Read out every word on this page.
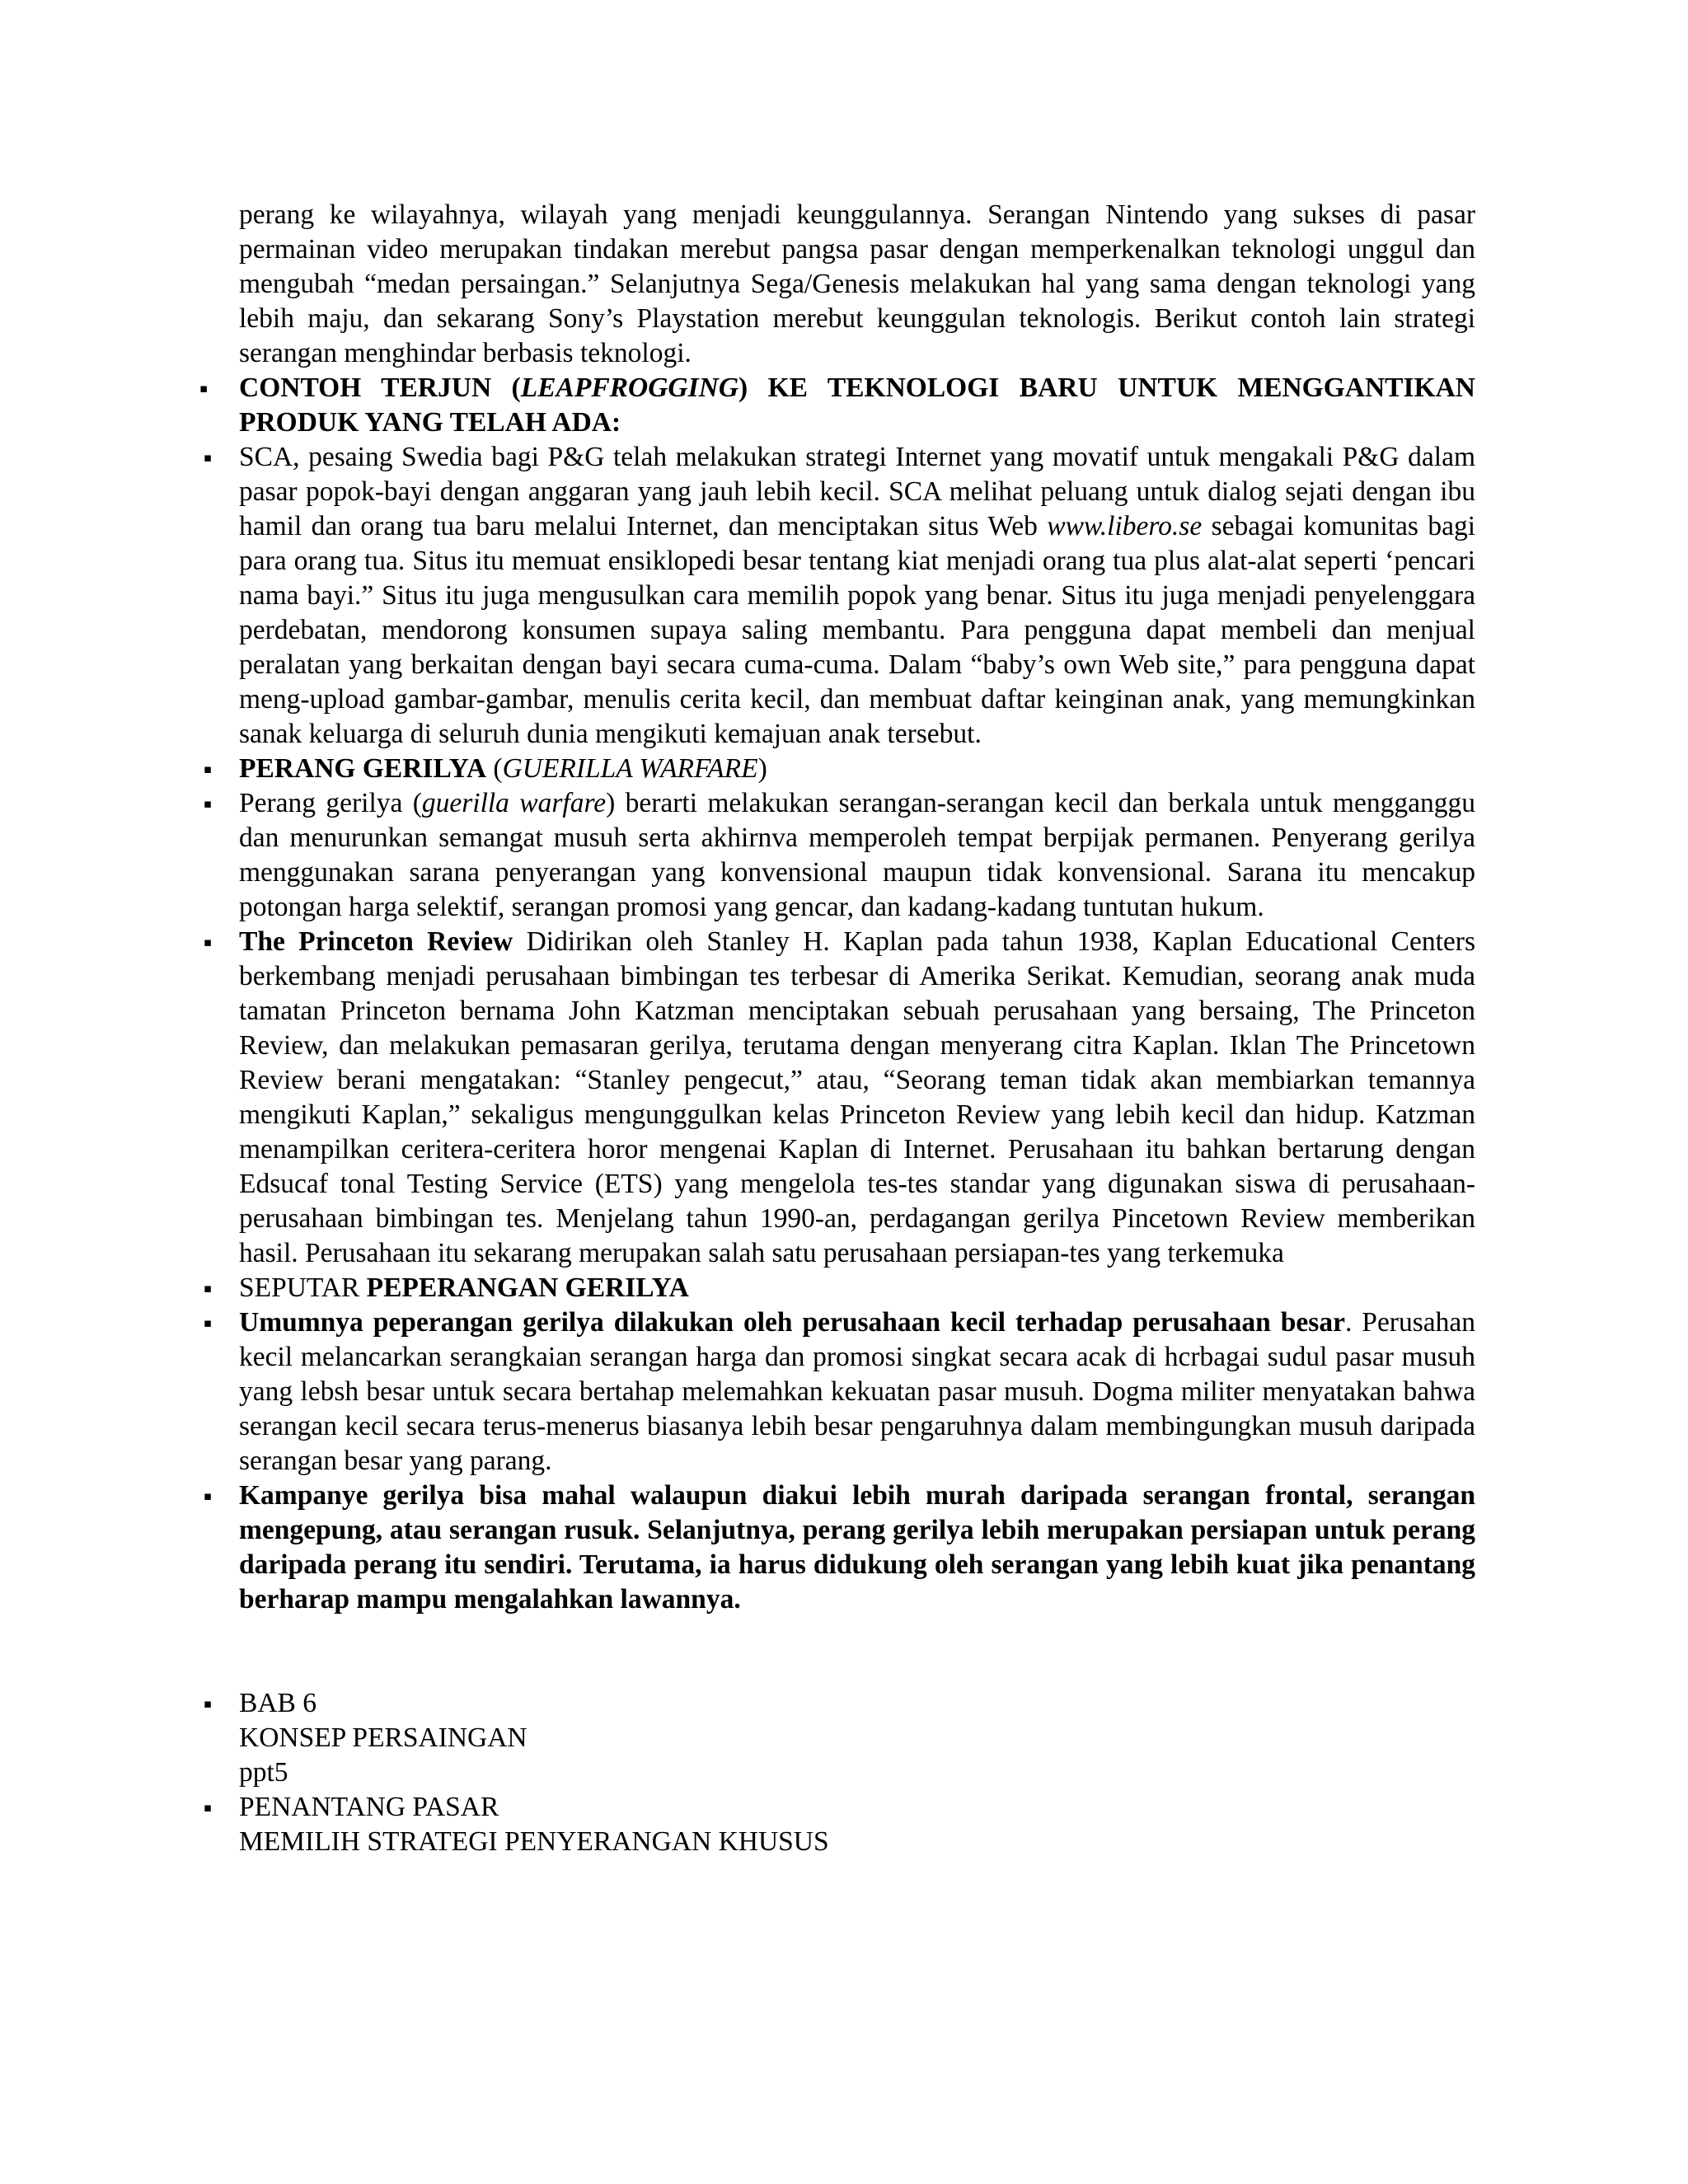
perang ke wilayahnya, wilayah yang menjadi keunggulannya. Serangan Nintendo yang sukses di pasar permainan video merupakan tindakan merebut pangsa pasar dengan memperkenalkan teknologi unggul dan mengubah “medan persaingan.” Selanjutnya Sega/Genesis melakukan hal yang sama dengan teknologi yang lebih maju, dan sekarang Sony’s Playstation merebut keunggulan teknologis. Berikut contoh lain strategi serangan menghindar berbasis teknologi.

▪ CONTOH TERJUN (LEAPFROGGING) KE TEKNOLOGI BARU UNTUK MENGGANTIKAN PRODUK YANG TELAH ADA:
▪ SCA, pesaing Swedia bagi P&G telah melakukan strategi Internet yang movatif untuk mengakali P&G dalam pasar popok-bayi dengan anggaran yang jauh lebih kecil. SCA melihat peluang untuk dialog sejati dengan ibu hamil dan orang tua baru melalui Internet, dan menciptakan situs Web www.libero.se sebagai komunitas bagi para orang tua. Situs itu memuat ensiklopedi besar tentang kiat menjadi orang tua plus alat-alat seperti ‘pencari nama bayi.” Situs itu juga mengusulkan cara memilih popok yang benar. Situs itu juga menjadi penyelenggara perdebatan, mendorong konsumen supaya saling membantu. Para pengguna dapat membeli dan menjual peralatan yang berkaitan dengan bayi secara cuma-cuma. Dalam “baby’s own Web site,” para pengguna dapat meng-upload gambar-gambar, menulis cerita kecil, dan membuat daftar keinginan anak, yang memungkinkan sanak keluarga di seluruh dunia mengikuti kemajuan anak tersebut.
▪ PERANG GERILYA (GUERILLA WARFARE)
▪ Perang gerilya (guerilla warfare) berarti melakukan serangan-serangan kecil dan berkala untuk mengganggu dan menurunkan semangat musuh serta akhirnva memperoleh tempat berpijak permanen. Penyerang gerilya menggunakan sarana penyerangan yang konvensional maupun tidak konvensional. Sarana itu mencakup potongan harga selektif, serangan promosi yang gencar, dan kadang-kadang tuntutan hukum.
▪ The Princeton Review Didirikan oleh Stanley H. Kaplan pada tahun 1938, Kaplan Educational Centers berkembang menjadi perusahaan bimbingan tes terbesar di Amerika Serikat. Kemudian, seorang anak muda tamatan Princeton bernama John Katzman menciptakan sebuah perusahaan yang bersaing, The Princeton Review, dan melakukan pemasaran gerilya, terutama dengan menyerang citra Kaplan. Iklan The Princetown Review berani mengatakan: “Stanley pengecut,” atau, “Seorang teman tidak akan membiarkan temannya mengikuti Kaplan,” sekaligus mengunggulkan kelas Princeton Review yang lebih kecil dan hidup. Katzman menampilkan ceritera-ceritera horor mengenai Kaplan di Internet. Perusahaan itu bahkan bertarung dengan Edsucaf tonal Testing Service (ETS) yang mengelola tes-tes standar yang digunakan siswa di perusahaan-perusahaan bimbingan tes. Menjelang tahun 1990-an, perdagangan gerilya Pincetown Review memberikan hasil. Perusahaan itu sekarang merupakan salah satu perusahaan persiapan-tes yang terkemuka
▪ SEPUTAR PEPERANGAN GERILYA
▪ Umumnya peperangan gerilya dilakukan oleh perusahaan kecil terhadap perusahaan besar. Perusahan kecil melancarkan serangkaian serangan harga dan promosi singkat secara acak di hcrbagai sudul pasar musuh yang lebsh besar untuk secara bertahap melemahkan kekuatan pasar musuh. Dogma militer menyatakan bahwa serangan kecil secara terus-menerus biasanya lebih besar pengaruhnya dalam membingungkan musuh daripada serangan besar yang parang.
▪ Kampanye gerilya bisa mahal walaupun diakui lebih murah daripada serangan frontal, serangan mengepung, atau serangan rusuk. Selanjutnya, perang gerilya lebih merupakan persiapan untuk perang daripada perang itu sendiri. Terutama, ia harus didukung oleh serangan yang lebih kuat jika penantang berharap mampu mengalahkan lawannya.
▪ BAB 6
KONSEP PERSAINGAN
ppt5
▪ PENANTANG PASAR
MEMILIH STRATEGI PENYERANGAN KHUSUS
